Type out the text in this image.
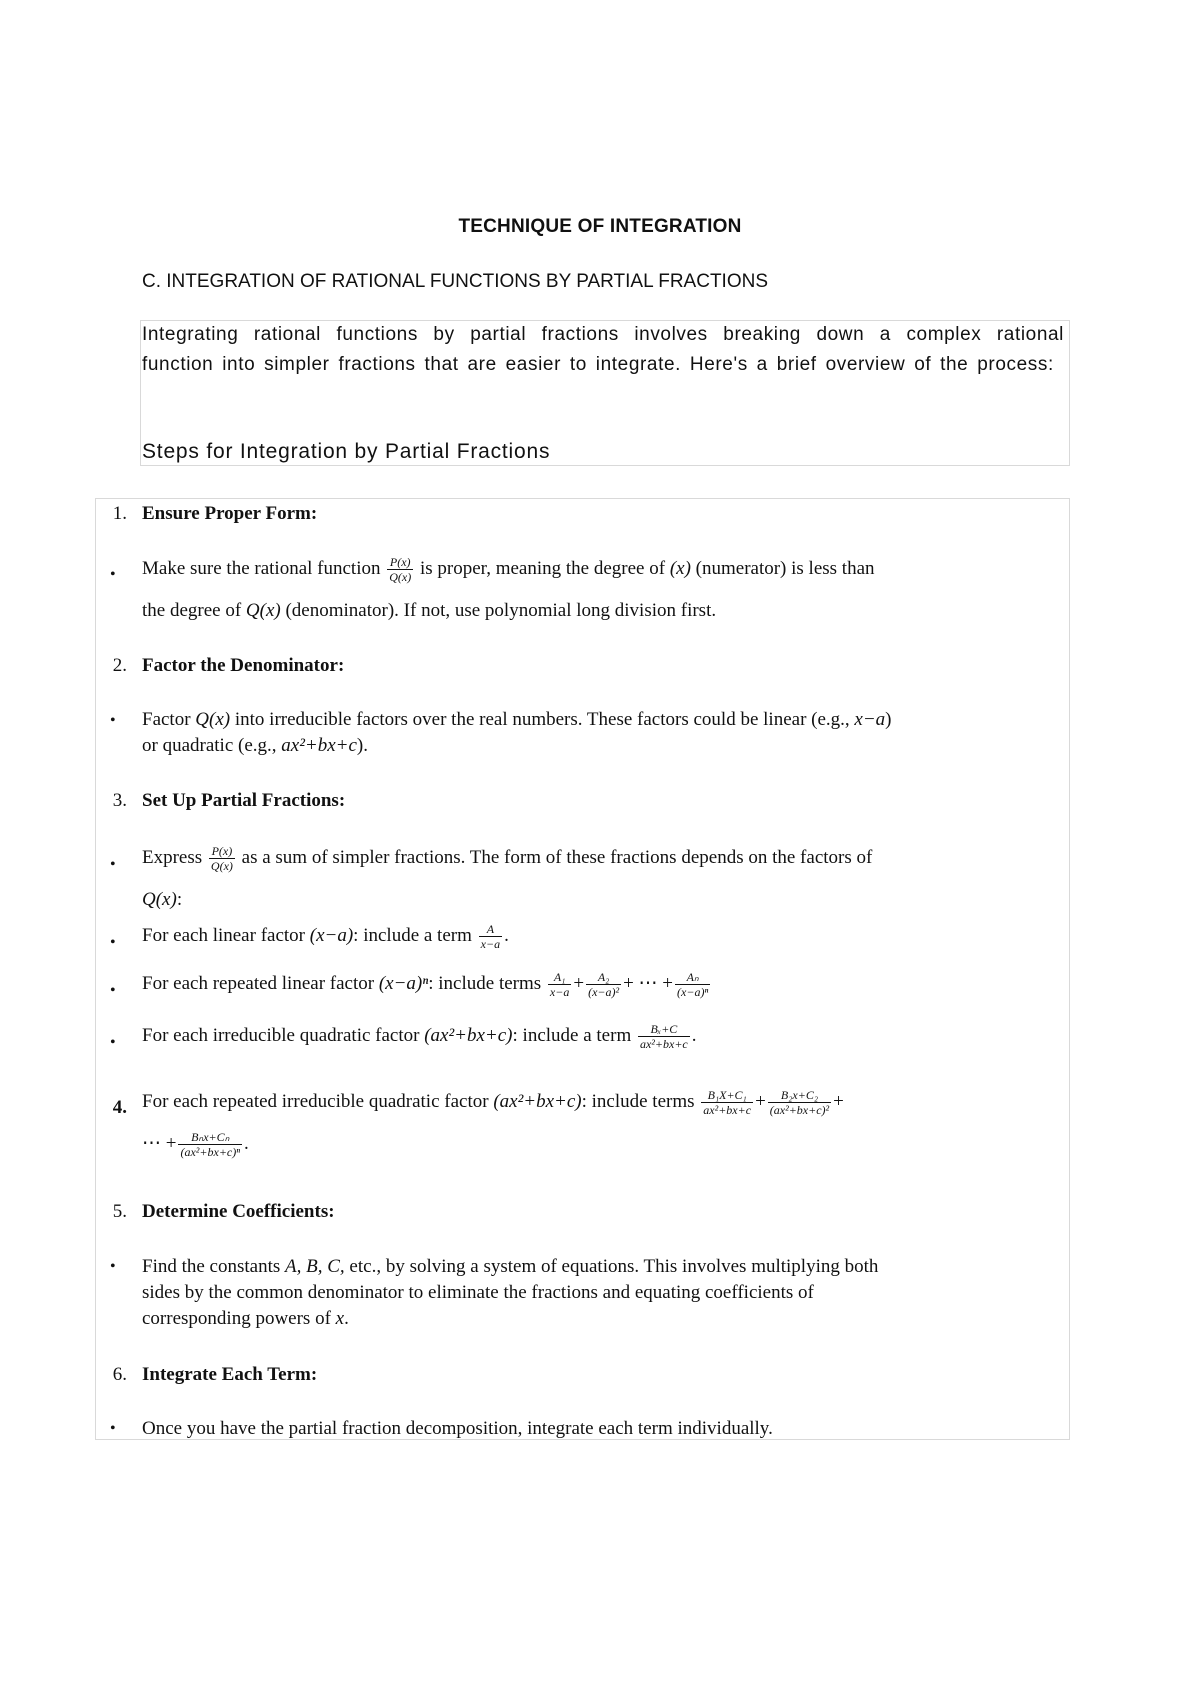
TECHNIQUE OF INTEGRATION
C. INTEGRATION OF RATIONAL FUNCTIONS BY PARTIAL FRACTIONS
Integrating rational functions by partial fractions involves breaking down a complex rational function into simpler fractions that are easier to integrate. Here's a brief overview of the process:
Steps for Integration by Partial Fractions
1. Ensure Proper Form:
• Make sure the rational function $\frac{P(x)}{Q(x)}$ is proper, meaning the degree of (x) (numerator) is less than
the degree of Q(x) (denominator). If not, use polynomial long division first.
2. Factor the Denominator:
• Factor Q(x) into irreducible factors over the real numbers. These factors could be linear (e.g., x−a)
or quadratic (e.g., ax²+bx+c).
3. Set Up Partial Fractions:
• Express $\frac{P(x)}{Q(x)}$ as a sum of simpler fractions. The form of these fractions depends on the factors of
Q(x):
• For each linear factor (x−a): include a term $\frac{A}{x-a}$ .
• For each repeated linear factor (x−a)ⁿ: include terms $\frac{\text{A₁}}{x-a} + \frac{\text{A₂}}{\text{(x−a)²}}$ + ⋯ + $\frac{\text{Aₙ}}{\text{(x−a)ⁿ}}$
• For each irreducible quadratic factor (ax²+bx+c): include a term $\frac{\text{Bₓ+C}}{\text{ax²+bx+c}}$ .
4. For each repeated irreducible quadratic factor (ax²+bx+c): include terms $\frac{\text{B₁X+C₁}}{\text{ax²+bx+c}} + \frac{\text{B₂x+C₂}}{\text{(ax²+bx+c)²}}$ +
⋯ + $\frac{\text{Bₙx+Cₙ}}{\text{(ax²+bx+c)ⁿ}}$ .
5. Determine Coefficients:
• Find the constants A, B, C, etc., by solving a system of equations. This involves multiplying both
sides by the common denominator to eliminate the fractions and equating coefficients of
corresponding powers of x.
6. Integrate Each Term:
• Once you have the partial fraction decomposition, integrate each term individually.
